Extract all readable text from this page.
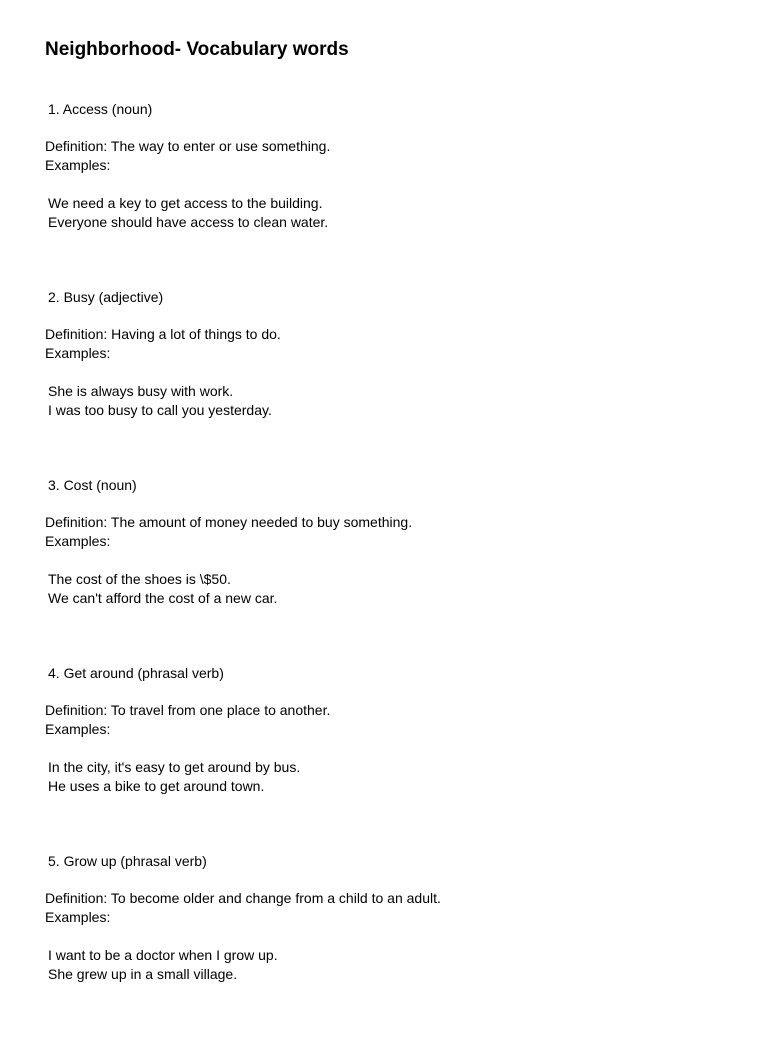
Neighborhood- Vocabulary words
1. Access (noun)
Definition: The way to enter or use something.
Examples:
We need a key to get access to the building.
Everyone should have access to clean water.
2. Busy (adjective)
Definition: Having a lot of things to do.
Examples:
She is always busy with work.
I was too busy to call you yesterday.
3. Cost (noun)
Definition: The amount of money needed to buy something.
Examples:
The cost of the shoes is \$50.
We can't afford the cost of a new car.
4. Get around (phrasal verb)
Definition: To travel from one place to another.
Examples:
In the city, it's easy to get around by bus.
He uses a bike to get around town.
5. Grow up (phrasal verb)
Definition: To become older and change from a child to an adult.
Examples:
I want to be a doctor when I grow up.
She grew up in a small village.
